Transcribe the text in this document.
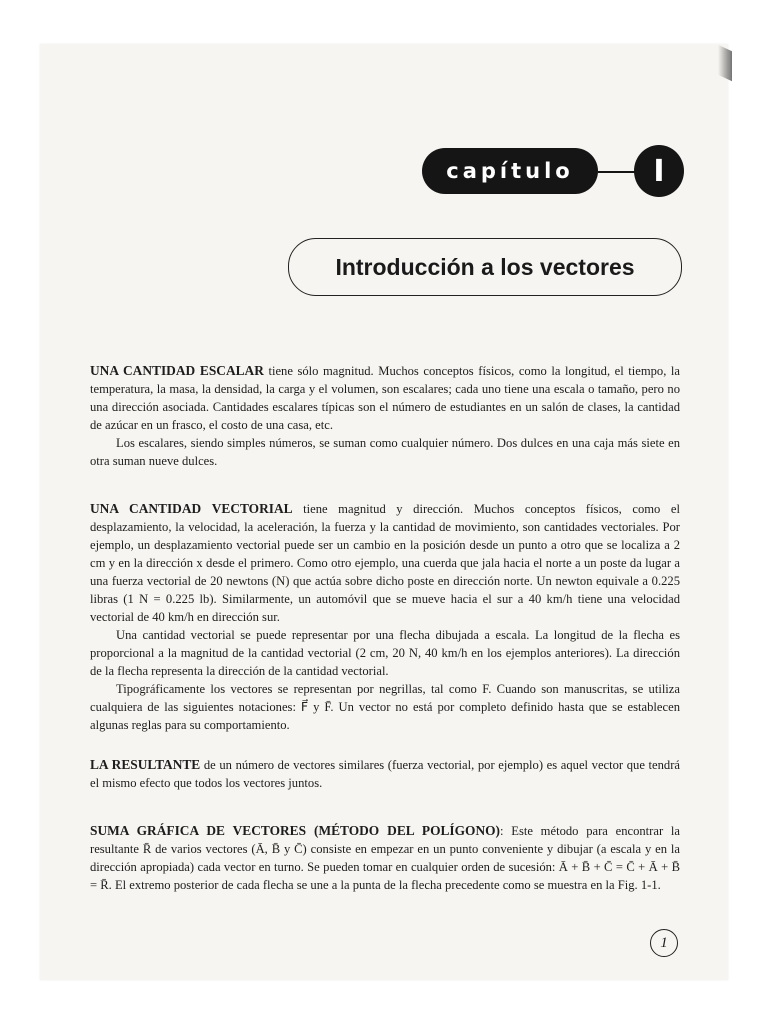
capítulo	I
Introducción a los vectores

UNA CANTIDAD ESCALAR tiene sólo magnitud. Muchos conceptos físicos, como la longitud, el tiempo, la temperatura, la masa, la densidad, la carga y el volumen, son escalares; cada uno tiene una escala o tamaño, pero no una dirección asociada. Cantidades escalares típicas son el número de estudiantes en un salón de clases, la cantidad de azúcar en un frasco, el costo de una casa, etc.

Los escalares, siendo simples números, se suman como cualquier número. Dos dulces en una caja más siete en otra suman nueve dulces.

UNA CANTIDAD VECTORIAL tiene magnitud y dirección. Muchos conceptos físicos, como el desplazamiento, la velocidad, la aceleración, la fuerza y la cantidad de movimiento, son cantidades vectoriales. Por ejemplo, un desplazamiento vectorial puede ser un cambio en la posición desde un punto a otro que se localiza a 2 cm y en la dirección x desde el primero. Como otro ejemplo, una cuerda que jala hacia el norte a un poste da lugar a una fuerza vectorial de 20 newtons (N) que actúa sobre dicho poste en dirección norte. Un newton equivale a 0.225 libras (1 N = 0.225 lb). Similarmente, un automóvil que se mueve hacia el sur a 40 km/h tiene una velocidad vectorial de 40 km/h en dirección sur.

Una cantidad vectorial se puede representar por una flecha dibujada a escala. La longitud de la flecha es proporcional a la magnitud de la cantidad vectorial (2 cm, 20 N, 40 km/h en los ejemplos anteriores). La dirección de la flecha representa la dirección de la cantidad vectorial.

Tipográficamente los vectores se representan por negrillas, tal como F. Cuando son manuscritas, se utiliza cualquiera de las siguientes notaciones: F⃗ y F̄. Un vector no está por completo definido hasta que se establecen algunas reglas para su comportamiento.

LA RESULTANTE de un número de vectores similares (fuerza vectorial, por ejemplo) es aquel vector que tendrá el mismo efecto que todos los vectores juntos.

SUMA GRÁFICA DE VECTORES (MÉTODO DEL POLÍGONO): Este método para encontrar la resultante R̄ de varios vectores (Ā, B̄ y C̄) consiste en empezar en un punto conveniente y dibujar (a escala y en la dirección apropiada) cada vector en turno. Se pueden tomar en cualquier orden de sucesión: Ā + B̄ + C̄ = C̄ + Ā + B̄ = R̄. El extremo posterior de cada flecha se une a la punta de la flecha precedente como se muestra en la Fig. 1-1.

1
